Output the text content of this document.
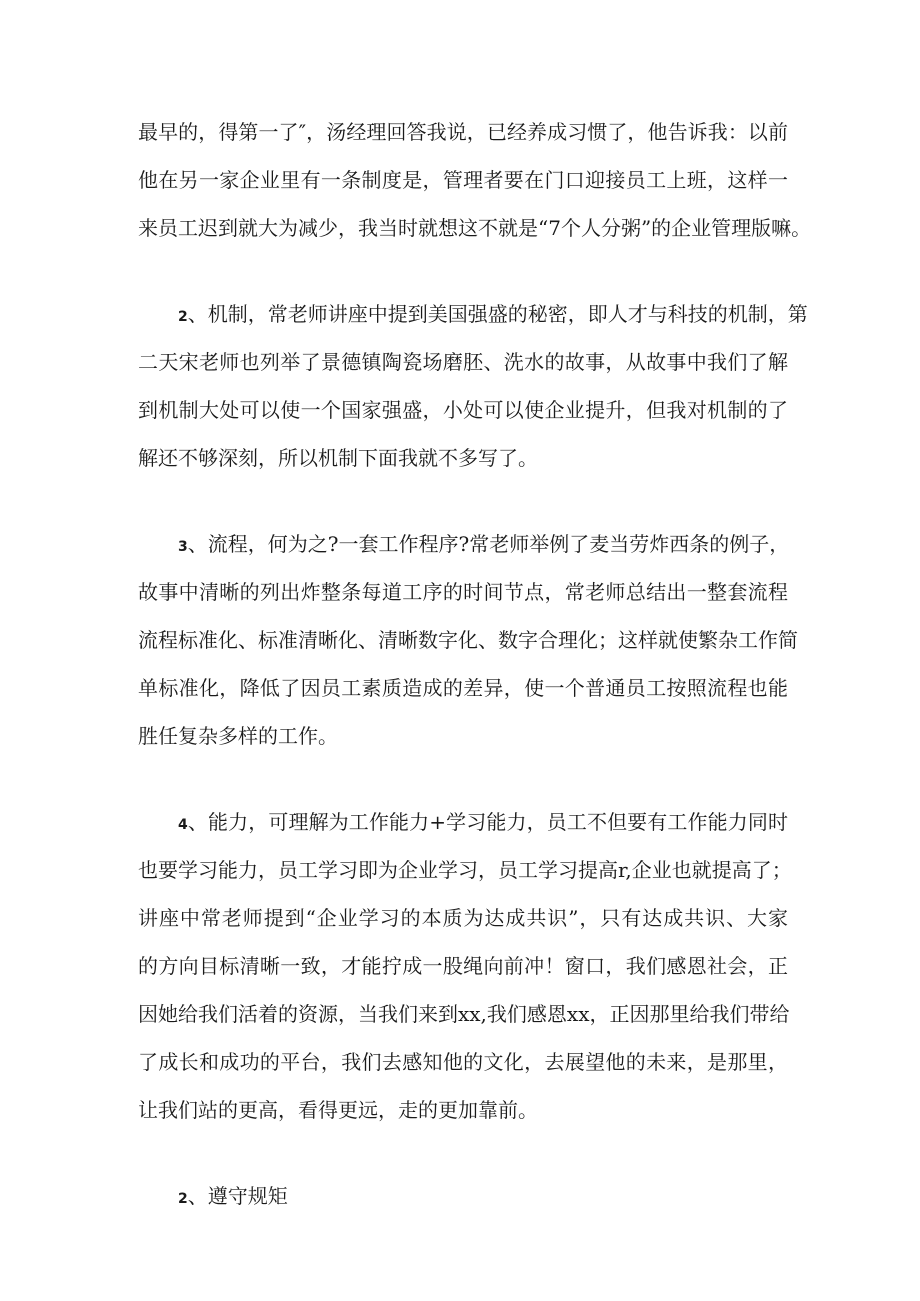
最早的，得第一了″，汤经理回答我说，已经养成习惯了，他告诉我：以前
他在另一家企业里有一条制度是，管理者要在门口迎接员工上班，这样一
来员工迟到就大为减少，我当时就想这不就是“7个人分粥”的企业管理版嘛。
2、机制，常老师讲座中提到美国强盛的秘密，即人才与科技的机制，第
二天宋老师也列举了景德镇陶瓷场磨胚、洗水的故事，从故事中我们了解
到机制大处可以使一个国家强盛，小处可以使企业提升，但我对机制的了
解还不够深刻，所以机制下面我就不多写了。
3、流程，何为之?一套工作程序?常老师举例了麦当劳炸西条的例子，
故事中清晰的列出炸整条每道工序的时间节点，常老师总结出一整套流程
流程标准化、标准清晰化、清晰数字化、数字合理化；这样就使繁杂工作简
单标准化，降低了因员工素质造成的差异，使一个普通员工按照流程也能
胜任复杂多样的工作。
4、能力，可理解为工作能力+学习能力，员工不但要有工作能力同时
也要学习能力，员工学习即为企业学习，员工学习提高r,企业也就提高了；
讲座中常老师提到“企业学习的本质为达成共识”，只有达成共识、大家
的方向目标清晰一致，才能拧成一股绳向前冲！窗口，我们感恩社会，正
因她给我们活着的资源，当我们来到xx,我们感恩xx，正因那里给我们带给
了成长和成功的平台，我们去感知他的文化，去展望他的未来，是那里，
让我们站的更高，看得更远，走的更加靠前。
2、遵守规矩
